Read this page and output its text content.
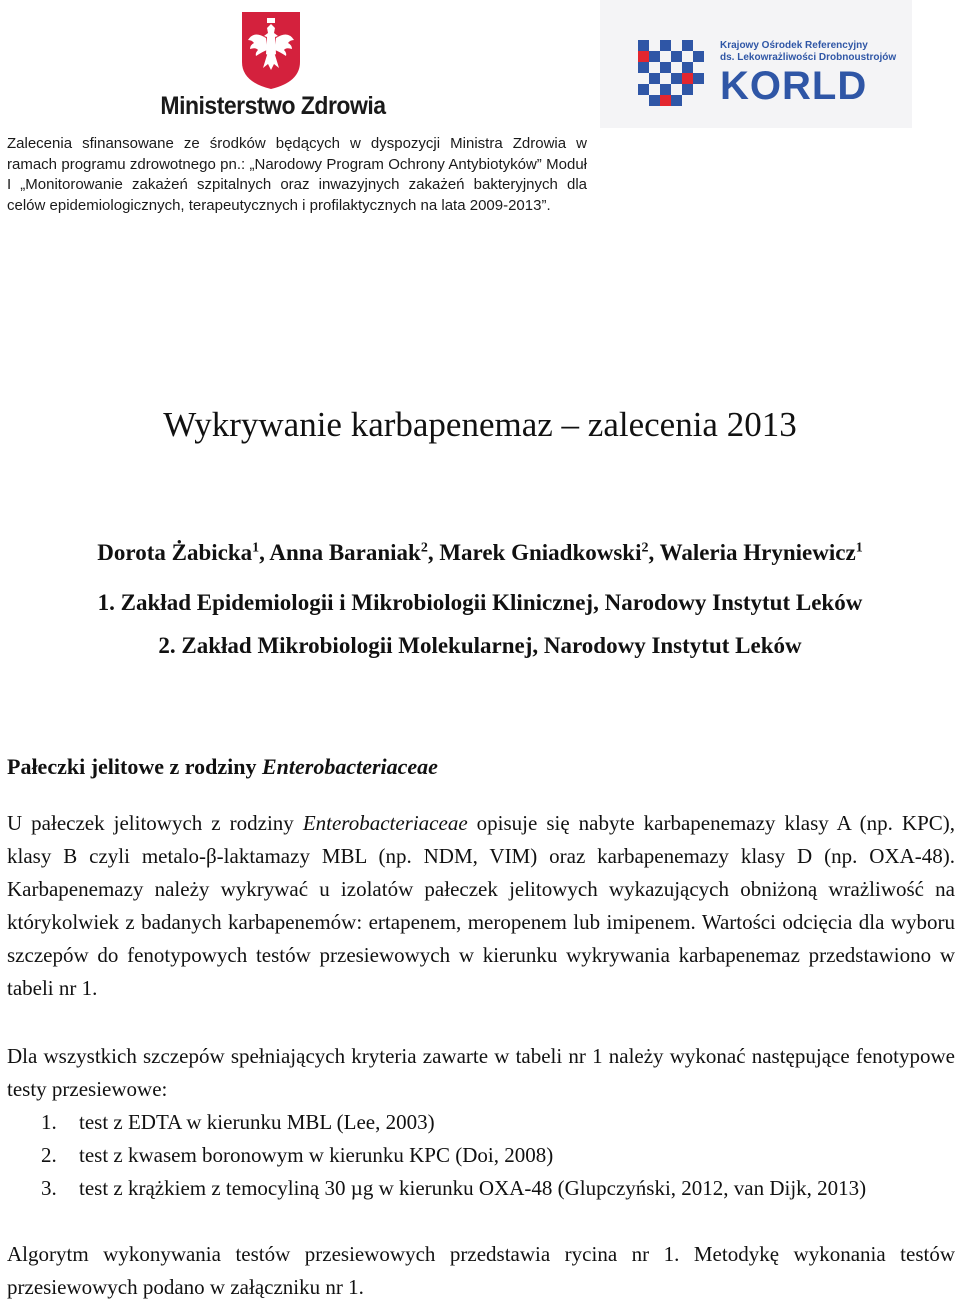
Ministerstwo Zdrowia
Krajowy Ośrodek Referencyjny
ds. Lekowrażliwości Drobnoustrojów
KORLD
Zalecenia sfinansowane ze środków będących w dyspozycji Ministra Zdrowia w ramach programu zdrowotnego pn.: „Narodowy Program Ochrony Antybiotyków” Moduł I „Monitorowanie zakażeń szpitalnych oraz inwazyjnych zakażeń bakteryjnych dla celów epidemiologicznych, terapeutycznych i profilaktycznych na lata 2009-2013”.
Wykrywanie karbapenemaz – zalecenia 2013
Dorota Żabicka$^1$, Anna Baraniak$^2$, Marek Gniadkowski$^2$, Waleria Hryniewicz$^1$
1. Zakład Epidemiologii i Mikrobiologii Klinicznej, Narodowy Instytut Leków
2. Zakład Mikrobiologii Molekularnej, Narodowy Instytut Leków
Pałeczki jelitowe z rodziny Enterobacteriaceae
U pałeczek jelitowych z rodziny Enterobacteriaceae opisuje się nabyte karbapenemazy klasy A (np. KPC), klasy B czyli metalo-β-laktamazy MBL (np. NDM, VIM) oraz karbapenemazy klasy D (np. OXA-48). Karbapenemazy należy wykrywać u izolatów pałeczek jelitowych wykazujących obniżoną wrażliwość na którykolwiek z badanych karbapenemów: ertapenem, meropenem lub imipenem. Wartości odcięcia dla wyboru szczepów do fenotypowych testów przesiewowych w kierunku wykrywania karbapenemaz przedstawiono w tabeli nr 1.
Dla wszystkich szczepów spełniających kryteria zawarte w tabeli nr 1 należy wykonać następujące fenotypowe testy przesiewowe:
1. test z EDTA w kierunku MBL (Lee, 2003)
2. test z kwasem boronowym w kierunku KPC (Doi, 2008)
3. test z krążkiem z temocyliną 30 µg w kierunku OXA-48 (Glupczyński, 2012, van Dijk, 2013)
Algorytm wykonywania testów przesiewowych przedstawia rycina nr 1. Metodykę wykonania testów przesiewowych podano w załączniku nr 1.
